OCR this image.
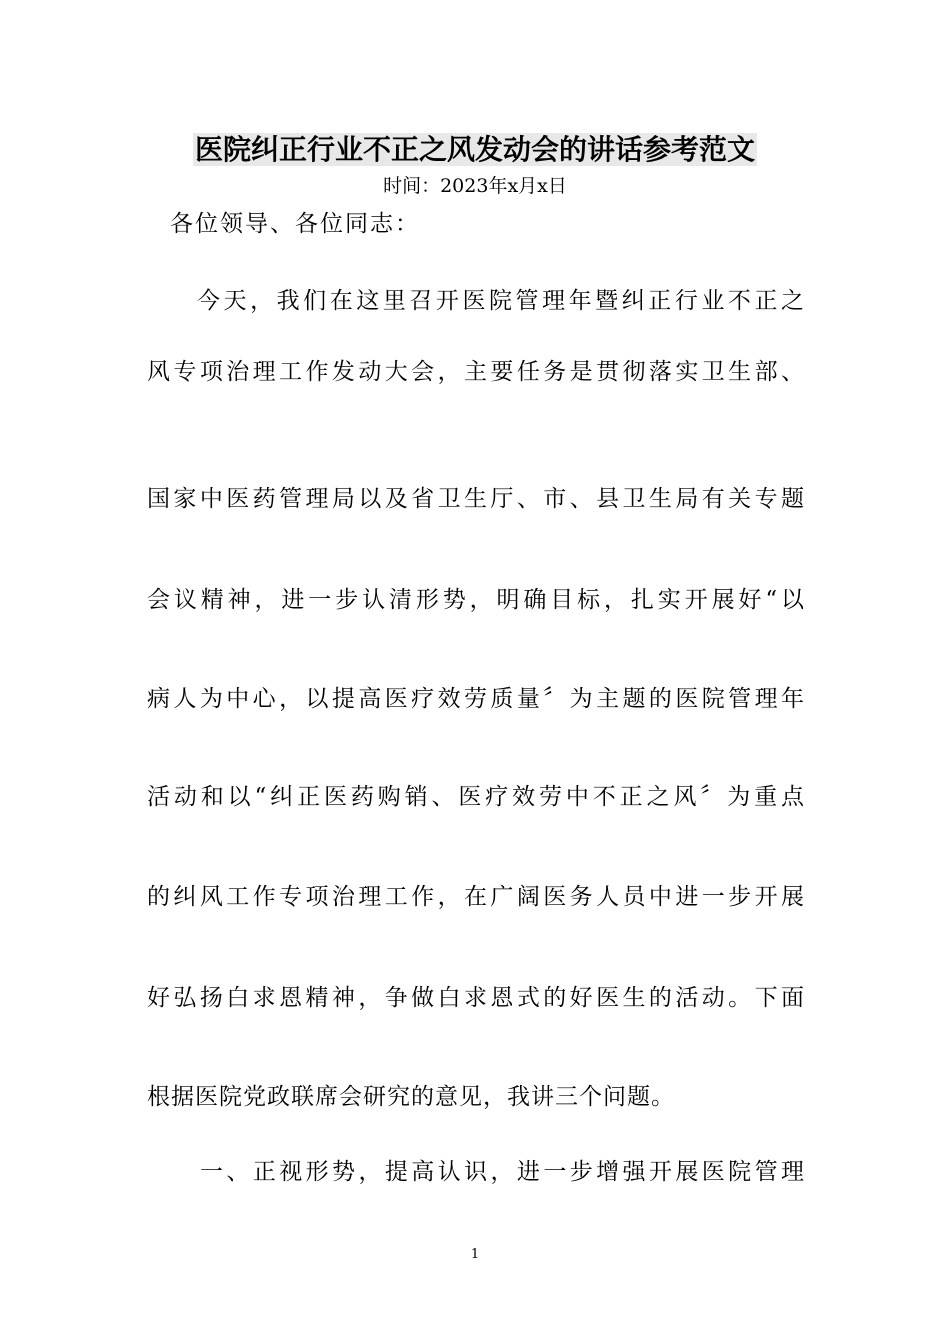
医院纠正行业不正之风发动会的讲话参考范文
时间：2023年x月x日
各位领导、各位同志：
今天，我们在这里召开医院管理年暨纠正行业不正之
风专项治理工作发动大会，主要任务是贯彻落实卫生部、
国家中医药管理局以及省卫生厅、市、县卫生局有关专题
会议精神，进一步认清形势，明确目标，扎实开展好“以
病人为中心，以提高医疗效劳质量〞为主题的医院管理年
活动和以“纠正医药购销、医疗效劳中不正之风〞为重点
的纠风工作专项治理工作，在广阔医务人员中进一步开展
好弘扬白求恩精神，争做白求恩式的好医生的活动。下面
根据医院党政联席会研究的意见，我讲三个问题。
一、正视形势，提高认识，进一步增强开展医院管理
1
